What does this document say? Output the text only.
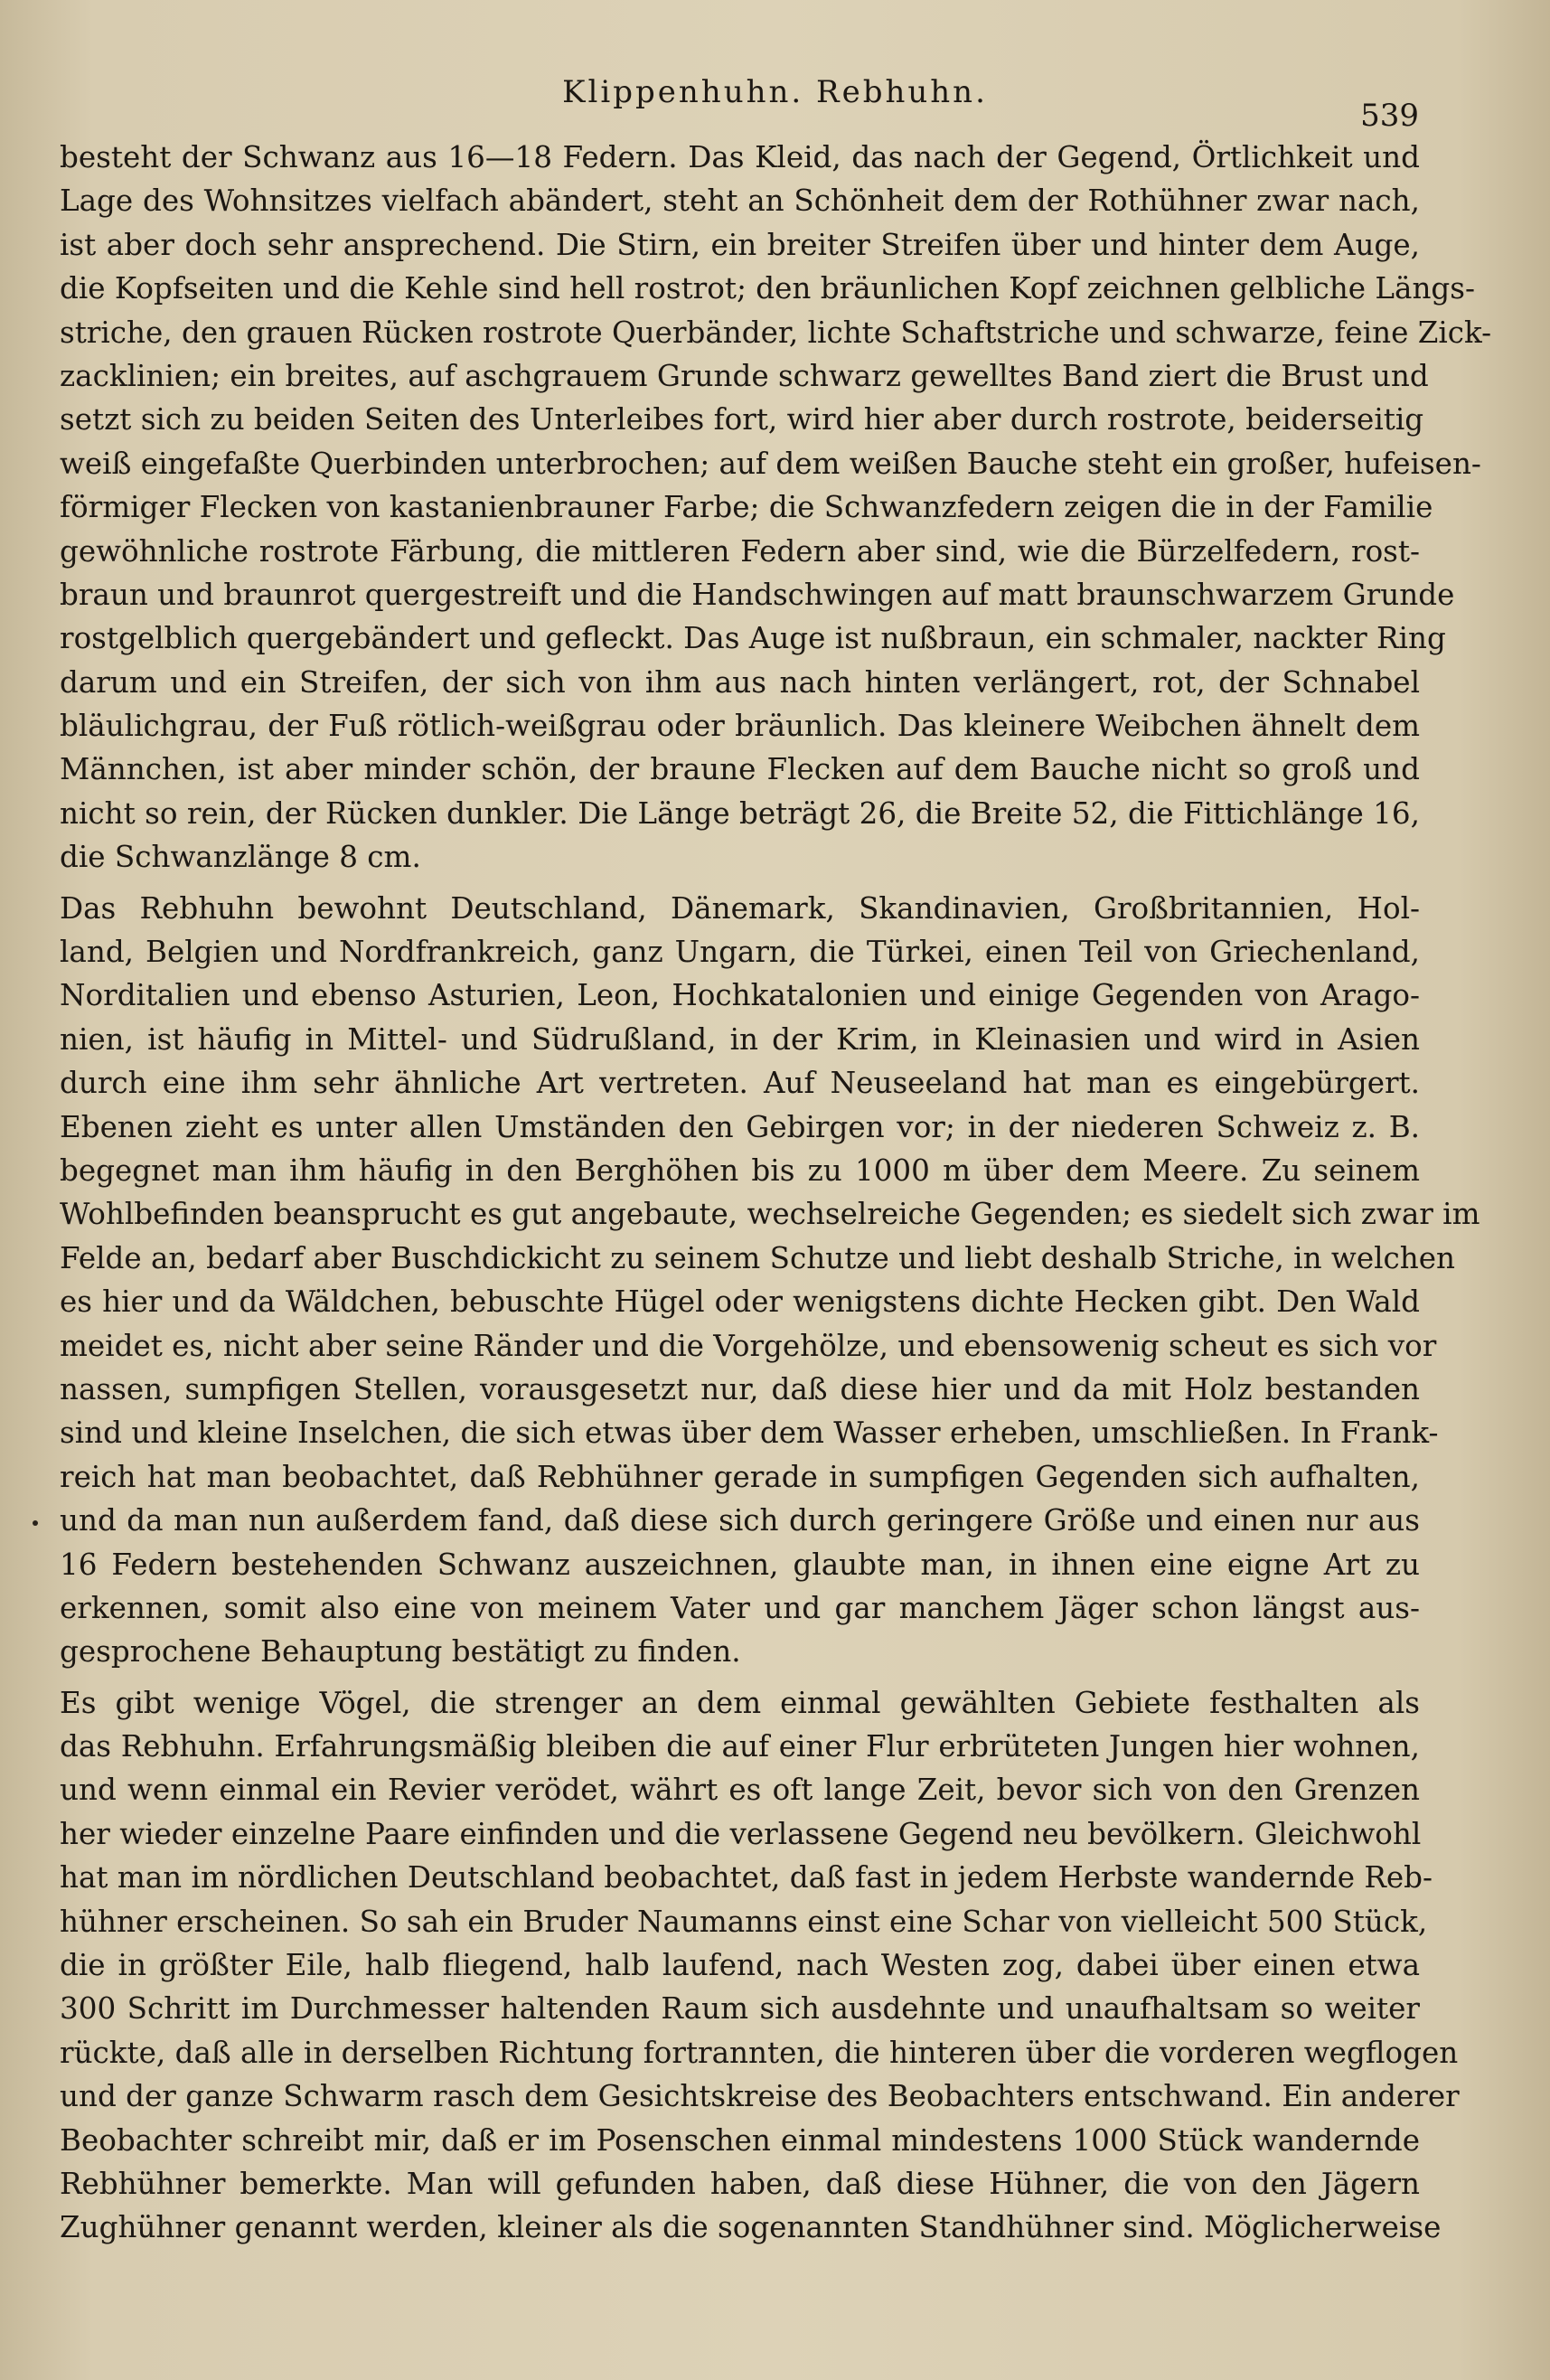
Klippenhuhn. Rebhuhn.
539
besteht der Schwanz aus 16—18 Federn. Das Kleid, das nach der Gegend, Örtlichkeit und
Lage des Wohnsitzes vielfach abändert, steht an Schönheit dem der Rothühner zwar nach,
ist aber doch sehr ansprechend. Die Stirn, ein breiter Streifen über und hinter dem Auge,
die Kopfseiten und die Kehle sind hell rostrot; den bräunlichen Kopf zeichnen gelbliche Längs-
striche, den grauen Rücken rostrote Querbänder, lichte Schaftstriche und schwarze, feine Zick-
zacklinien; ein breites, auf aschgrauem Grunde schwarz gewelltes Band ziert die Brust und
setzt sich zu beiden Seiten des Unterleibes fort, wird hier aber durch rostrote, beiderseitig
weiß eingefaßte Querbinden unterbrochen; auf dem weißen Bauche steht ein großer, hufeisen-
förmiger Flecken von kastanienbrauner Farbe; die Schwanzfedern zeigen die in der Familie
gewöhnliche rostrote Färbung, die mittleren Federn aber sind, wie die Bürzelfedern, rost-
braun und braunrot quergestreift und die Handschwingen auf matt braunschwarzem Grunde
rostgelblich quergebändert und gefleckt. Das Auge ist nußbraun, ein schmaler, nackter Ring
darum und ein Streifen, der sich von ihm aus nach hinten verlängert, rot, der Schnabel
bläulichgrau, der Fuß rötlich-weißgrau oder bräunlich. Das kleinere Weibchen ähnelt dem
Männchen, ist aber minder schön, der braune Flecken auf dem Bauche nicht so groß und
nicht so rein, der Rücken dunkler. Die Länge beträgt 26, die Breite 52, die Fittichlänge 16,
die Schwanzlänge 8 cm.
Das Rebhuhn bewohnt Deutschland, Dänemark, Skandinavien, Großbritannien, Hol-
land, Belgien und Nordfrankreich, ganz Ungarn, die Türkei, einen Teil von Griechenland,
Norditalien und ebenso Asturien, Leon, Hochkatalonien und einige Gegenden von Arago-
nien, ist häufig in Mittel- und Südrußland, in der Krim, in Kleinasien und wird in Asien
durch eine ihm sehr ähnliche Art vertreten. Auf Neuseeland hat man es eingebürgert.
Ebenen zieht es unter allen Umständen den Gebirgen vor; in der niederen Schweiz z. B.
begegnet man ihm häufig in den Berghöhen bis zu 1000 m über dem Meere. Zu seinem
Wohlbefinden beansprucht es gut angebaute, wechselreiche Gegenden; es siedelt sich zwar im
Felde an, bedarf aber Buschdickicht zu seinem Schutze und liebt deshalb Striche, in welchen
es hier und da Wäldchen, bebuschte Hügel oder wenigstens dichte Hecken gibt. Den Wald
meidet es, nicht aber seine Ränder und die Vorgehölze, und ebensowenig scheut es sich vor
nassen, sumpfigen Stellen, vorausgesetzt nur, daß diese hier und da mit Holz bestanden
sind und kleine Inselchen, die sich etwas über dem Wasser erheben, umschließen. In Frank-
reich hat man beobachtet, daß Rebhühner gerade in sumpfigen Gegenden sich aufhalten,
und da man nun außerdem fand, daß diese sich durch geringere Größe und einen nur aus
16 Federn bestehenden Schwanz auszeichnen, glaubte man, in ihnen eine eigne Art zu
erkennen, somit also eine von meinem Vater und gar manchem Jäger schon längst aus-
gesprochene Behauptung bestätigt zu finden.
Es gibt wenige Vögel, die strenger an dem einmal gewählten Gebiete festhalten als
das Rebhuhn. Erfahrungsmäßig bleiben die auf einer Flur erbrüteten Jungen hier wohnen,
und wenn einmal ein Revier verödet, währt es oft lange Zeit, bevor sich von den Grenzen
her wieder einzelne Paare einfinden und die verlassene Gegend neu bevölkern. Gleichwohl
hat man im nördlichen Deutschland beobachtet, daß fast in jedem Herbste wandernde Reb-
hühner erscheinen. So sah ein Bruder Naumanns einst eine Schar von vielleicht 500 Stück,
die in größter Eile, halb fliegend, halb laufend, nach Westen zog, dabei über einen etwa
300 Schritt im Durchmesser haltenden Raum sich ausdehnte und unaufhaltsam so weiter
rückte, daß alle in derselben Richtung fortrannten, die hinteren über die vorderen wegflogen
und der ganze Schwarm rasch dem Gesichtskreise des Beobachters entschwand. Ein anderer
Beobachter schreibt mir, daß er im Posenschen einmal mindestens 1000 Stück wandernde
Rebhühner bemerkte. Man will gefunden haben, daß diese Hühner, die von den Jägern
Zughühner genannt werden, kleiner als die sogenannten Standhühner sind. Möglicherweise
